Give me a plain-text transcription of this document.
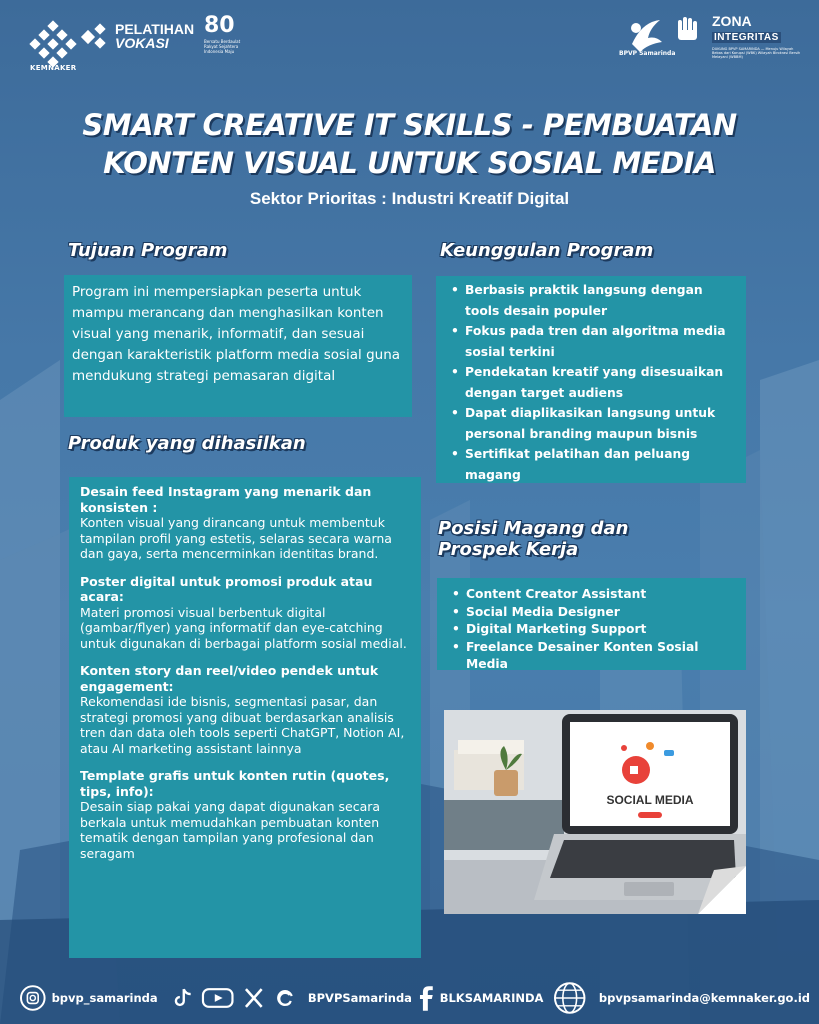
KEMNAKER
PELATIHAN
VOKASI
80
Bersatu Berdaulat Rakyat Sejahtera Indonesia Maju	BPVP Samarinda
ZONA
INTEGRITAS
DUKUNG BPVP SAMARINDA — Menuju Wilayah Bebas dari Korupsi (WBK) Wilayah Birokrasi Bersih Melayani (WBBM)
SMART CREATIVE IT SKILLS - PEMBUATAN
KONTEN VISUAL UNTUK SOSIAL MEDIA
Sektor Prioritas : Industri Kreatif Digital
Tujuan Program

Program ini mempersiapkan peserta untuk mampu merancang dan menghasilkan konten visual yang menarik, informatif, dan sesuai dengan karakteristik platform media sosial guna mendukung strategi pemasaran digital

Produk yang dihasilkan
Desain feed Instagram yang menarik dan konsisten :
Konten visual yang dirancang untuk membentuk tampilan profil yang estetis, selaras secara warna dan gaya, serta mencerminkan identitas brand.
Poster digital untuk promosi produk atau acara:
Materi promosi visual berbentuk digital (gambar/flyer) yang informatif dan eye-catching untuk digunakan di berbagai platform sosial medial.
Konten story dan reel/video pendek untuk engagement:
Rekomendasi ide bisnis, segmentasi pasar, dan strategi promosi yang dibuat berdasarkan analisis tren dan data oleh tools seperti ChatGPT, Notion AI, atau AI marketing assistant lainnya
Template grafis untuk konten rutin (quotes, tips, info):
Desain siap pakai yang dapat digunakan secara berkala untuk memudahkan pembuatan konten tematik dengan tampilan yang profesional dan seragam
Keunggulan Program
• Berbasis praktik langsung dengan tools desain populer
• Fokus pada tren dan algoritma media sosial terkini
• Pendekatan kreatif yang disesuaikan dengan target audiens
• Dapat diaplikasikan langsung untuk personal branding maupun bisnis
• Sertifikat pelatihan dan peluang magang
Posisi Magang dan Prospek Kerja
• Content Creator Assistant
• Social Media Designer
• Digital Marketing Support
• Freelance Desainer Konten Sosial Media
SOCIAL MEDIA
bpvp_samarinda	BPVPSamarinda BLKSAMARINDA	bpvpsamarinda@kemnaker.go.id
